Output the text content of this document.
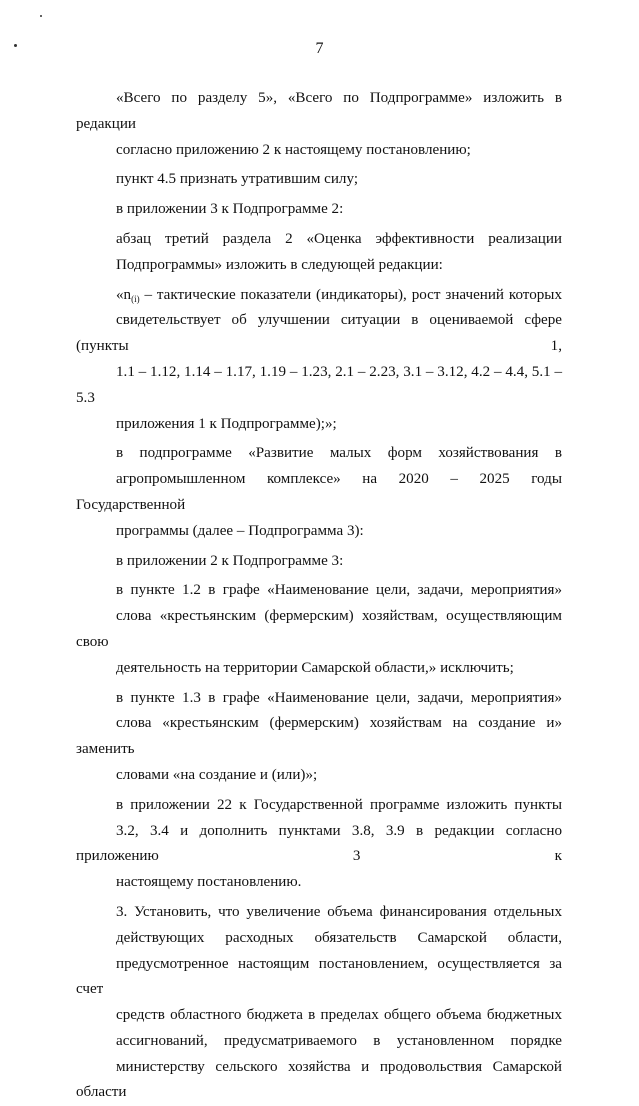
7

«Всего по разделу 5», «Всего по Подпрограмме» изложить в редакции
согласно приложению 2 к настоящему постановлению;

пункт 4.5 признать утратившим силу;

в приложении 3 к Подпрограмме 2:

абзац третий раздела 2 «Оценка эффективности реализации
Подпрограммы» изложить в следующей редакции:

«$n_{(i)}$ – тактические показатели (индикаторы), рост значений которых
свидетельствует об улучшении ситуации в оцениваемой сфере (пункты 1,
1.1 – 1.12, 1.14 – 1.17, 1.19 – 1.23, 2.1 – 2.23, 3.1 – 3.12, 4.2 – 4.4, 5.1 – 5.3
приложения 1 к Подпрограмме);»;

в подпрограмме «Развитие малых форм хозяйствования в
агропромышленном комплексе» на 2020 – 2025 годы Государственной
программы (далее – Подпрограмма 3):

в приложении 2 к Подпрограмме 3:

в пункте 1.2 в графе «Наименование цели, задачи, мероприятия»
слова «крестьянским (фермерским) хозяйствам, осуществляющим свою
деятельность на территории Самарской области,» исключить;

в пункте 1.3 в графе «Наименование цели, задачи, мероприятия»
слова «крестьянским (фермерским) хозяйствам на создание и» заменить
словами «на создание и (или)»;

в приложении 22 к Государственной программе изложить пункты
3.2, 3.4 и дополнить пунктами 3.8, 3.9 в редакции согласно приложению 3 к
настоящему постановлению.

3. Установить, что увеличение объема финансирования отдельных
действующих расходных обязательств Самарской области,
предусмотренное настоящим постановлением, осуществляется за счет
средств областного бюджета в пределах общего объема бюджетных
ассигнований, предусматриваемого в установленном порядке
министерству сельского хозяйства и продовольствия Самарской области
